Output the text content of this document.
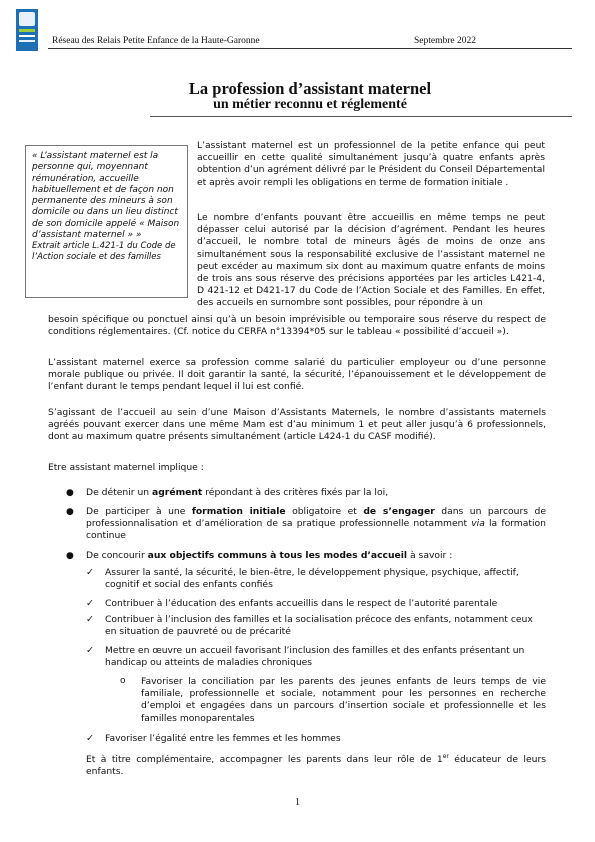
Réseau des Relais Petite Enfance de la Haute-Garonne	Septembre 2022
La profession d’assistant maternel
un métier reconnu et réglementé
« L’assistant maternel est la personne qui, moyennant rémunération, accueille habituellement et de façon non permanente des mineurs à son domicile ou dans un lieu distinct de son domicile appelé « Maison d’assistant maternel » »
Extrait article L.421-1 du Code de l’Action sociale et des familles

L’assistant maternel est un professionnel de la petite enfance qui peut accueillir en cette qualité simultanément jusqu’à quatre enfants après obtention d’un agrément délivré par le Président du Conseil Départemental et après avoir rempli les obligations en terme de formation initiale .

Le nombre d’enfants pouvant être accueillis en même temps ne peut dépasser celui autorisé par la décision d’agrément. Pendant les heures d’accueil, le nombre total de mineurs âgés de moins de onze ans simultanément sous la responsabilité exclusive de l’assistant maternel ne peut excéder au maximum six dont au maximum quatre enfants de moins de trois ans sous réserve des précisions apportées par les articles L421-4, D 421-12 et D421-17 du Code de l’Action Sociale et des Familles. En effet, des accueils en surnombre sont possibles, pour répondre à un

besoin spécifique ou ponctuel ainsi qu’à un besoin imprévisible ou temporaire sous réserve du respect de conditions réglementaires. (Cf. notice du CERFA n°13394*05 sur le tableau « possibilité d’accueil »).

L’assistant maternel exerce sa profession comme salarié du particulier employeur ou d’une personne morale publique ou privée. Il doit garantir la santé, la sécurité, l’épanouissement et le développement de l’enfant durant le temps pendant lequel il lui est confié.

S’agissant de l’accueil au sein d’une Maison d’Assistants Maternels, le nombre d’assistants maternels agréés pouvant exercer dans une même Mam est d’au minimum 1 et peut aller jusqu’à 6 professionnels, dont au maximum quatre présents simultanément (article L424-1 du CASF modifié).

Etre assistant maternel implique :

● De détenir un agrément répondant à des critères fixés par la loi,

● De participer à une formation initiale obligatoire et de s’engager dans un parcours de professionnalisation et d’amélioration de sa pratique professionnelle notamment via la formation continue

● De concourir aux objectifs communs à tous les modes d’accueil à savoir :

✓ Assurer la santé, la sécurité, le bien-être, le développement physique, psychique, affectif, cognitif et social des enfants confiés

✓ Contribuer à l’éducation des enfants accueillis dans le respect de l’autorité parentale

✓ Contribuer à l’inclusion des familles et la socialisation précoce des enfants, notamment ceux en situation de pauvreté ou de précarité

✓ Mettre en œuvre un accueil favorisant l’inclusion des familles et des enfants présentant un handicap ou atteints de maladies chroniques

o Favoriser la conciliation par les parents des jeunes enfants de leurs temps de vie familiale, professionnelle et sociale, notamment pour les personnes en recherche d’emploi et engagées dans un parcours d’insertion sociale et professionnelle et les familles monoparentales

✓ Favoriser l’égalité entre les femmes et les hommes

Et à titre complémentaire, accompagner les parents dans leur rôle de 1er éducateur de leurs enfants.

1
